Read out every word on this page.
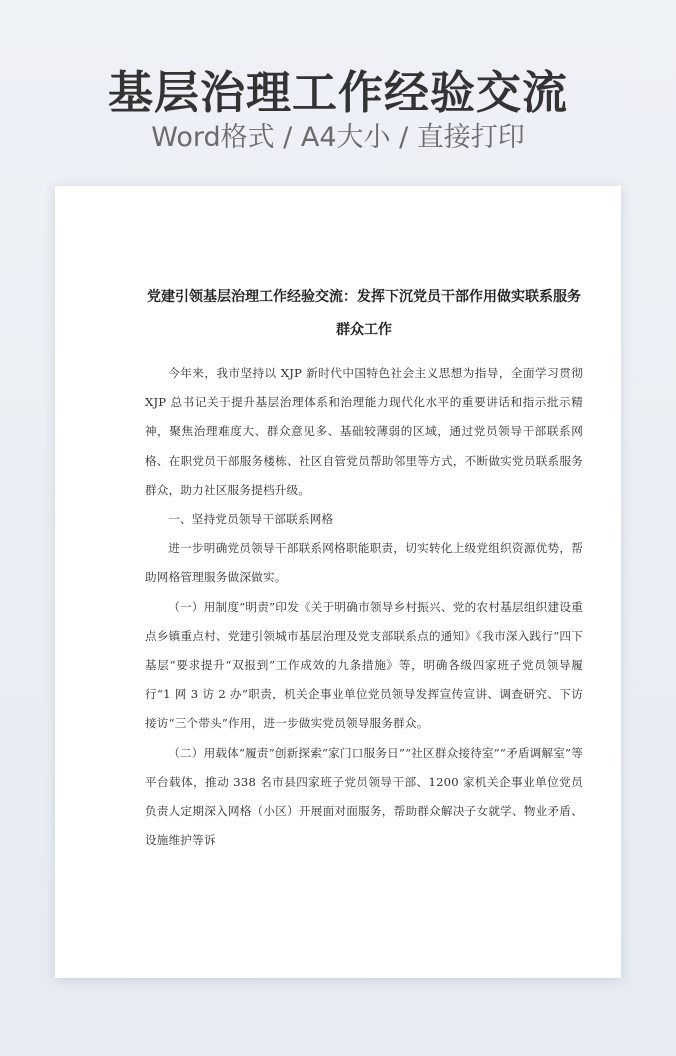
基层治理工作经验交流

Word格式 / A4大小 / 直接打印

党建引领基层治理工作经验交流：发挥下沉党员干部作用做实联系服务群众工作

今年来，我市坚持以 XJP 新时代中国特色社会主义思想为指导，全面学习贯彻 XJP 总书记关于提升基层治理体系和治理能力现代化水平的重要讲话和指示批示精神，聚焦治理难度大、群众意见多、基础较薄弱的区域，通过党员领导干部联系网格、在职党员干部服务楼栋、社区自管党员帮助邻里等方式，不断做实党员联系服务群众，助力社区服务提档升级。

一、坚持党员领导干部联系网格

进一步明确党员领导干部联系网格职能职责，切实转化上级党组织资源优势，帮助网格管理服务做深做实。

（一）用制度“明责”印发《关于明确市领导乡村振兴、党的农村基层组织建设重点乡镇重点村、党建引领城市基层治理及党支部联系点的通知》《我市深入践行“四下基层”要求提升“双报到”工作成效的九条措施》等，明确各级四家班子党员领导履行“1 网 3 访 2 办”职责，机关企事业单位党员领导发挥宣传宣讲、调查研究、下访接访“三个带头”作用，进一步做实党员领导服务群众。

（二）用载体“履责”创新探索“家门口服务日”“社区群众接待室”“矛盾调解室”等平台载体，推动 338 名市县四家班子党员领导干部、1200 家机关企事业单位党员负责人定期深入网格（小区）开展面对面服务，帮助群众解决子女就学、物业矛盾、设施维护等诉
